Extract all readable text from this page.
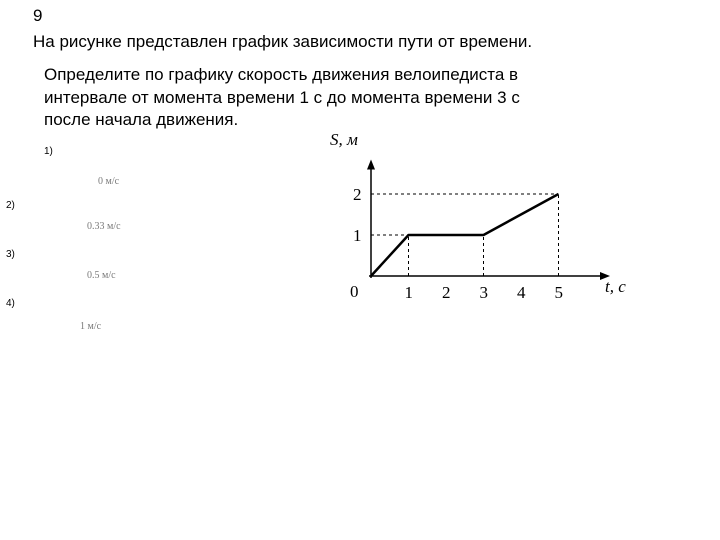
9
На рисунке представлен график зависимости пути от времени.
Определите по графику скорость движения велоипедиста в
интервале от момента времени 1 с до момента времени 3 с
после начала движения.
1)
0 м/с
2)
0.33 м/с
3)
0.5 м/с
4)
1 м/с
1 2 3 4 5
1
2
S, м
t, c
0
